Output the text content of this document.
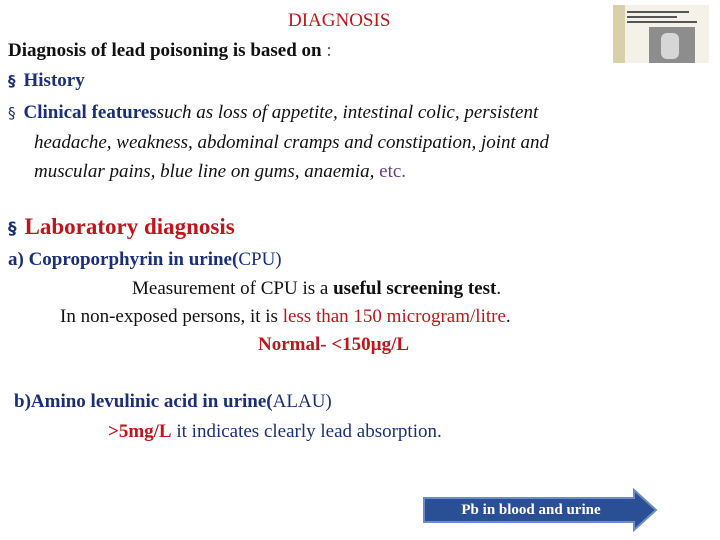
DIAGNOSIS
Diagnosis of lead poisoning is based on :
§ History
§ Clinical featuressuch as loss of appetite, intestinal colic, persistent
headache, weakness, abdominal cramps and constipation, joint and
muscular pains, blue line on gums, anaemia, etc.
§ Laboratory diagnosis
a) Coproporphyrin in urine(CPU)
Measurement of CPU is a useful screening test.
In non-exposed persons, it is less than 150 microgram/litre.
Normal- <150µg/L
b)Amino levulinic acid in urine(ALAU)
>5mg/L it indicates clearly lead absorption.
Pb in blood and urine
